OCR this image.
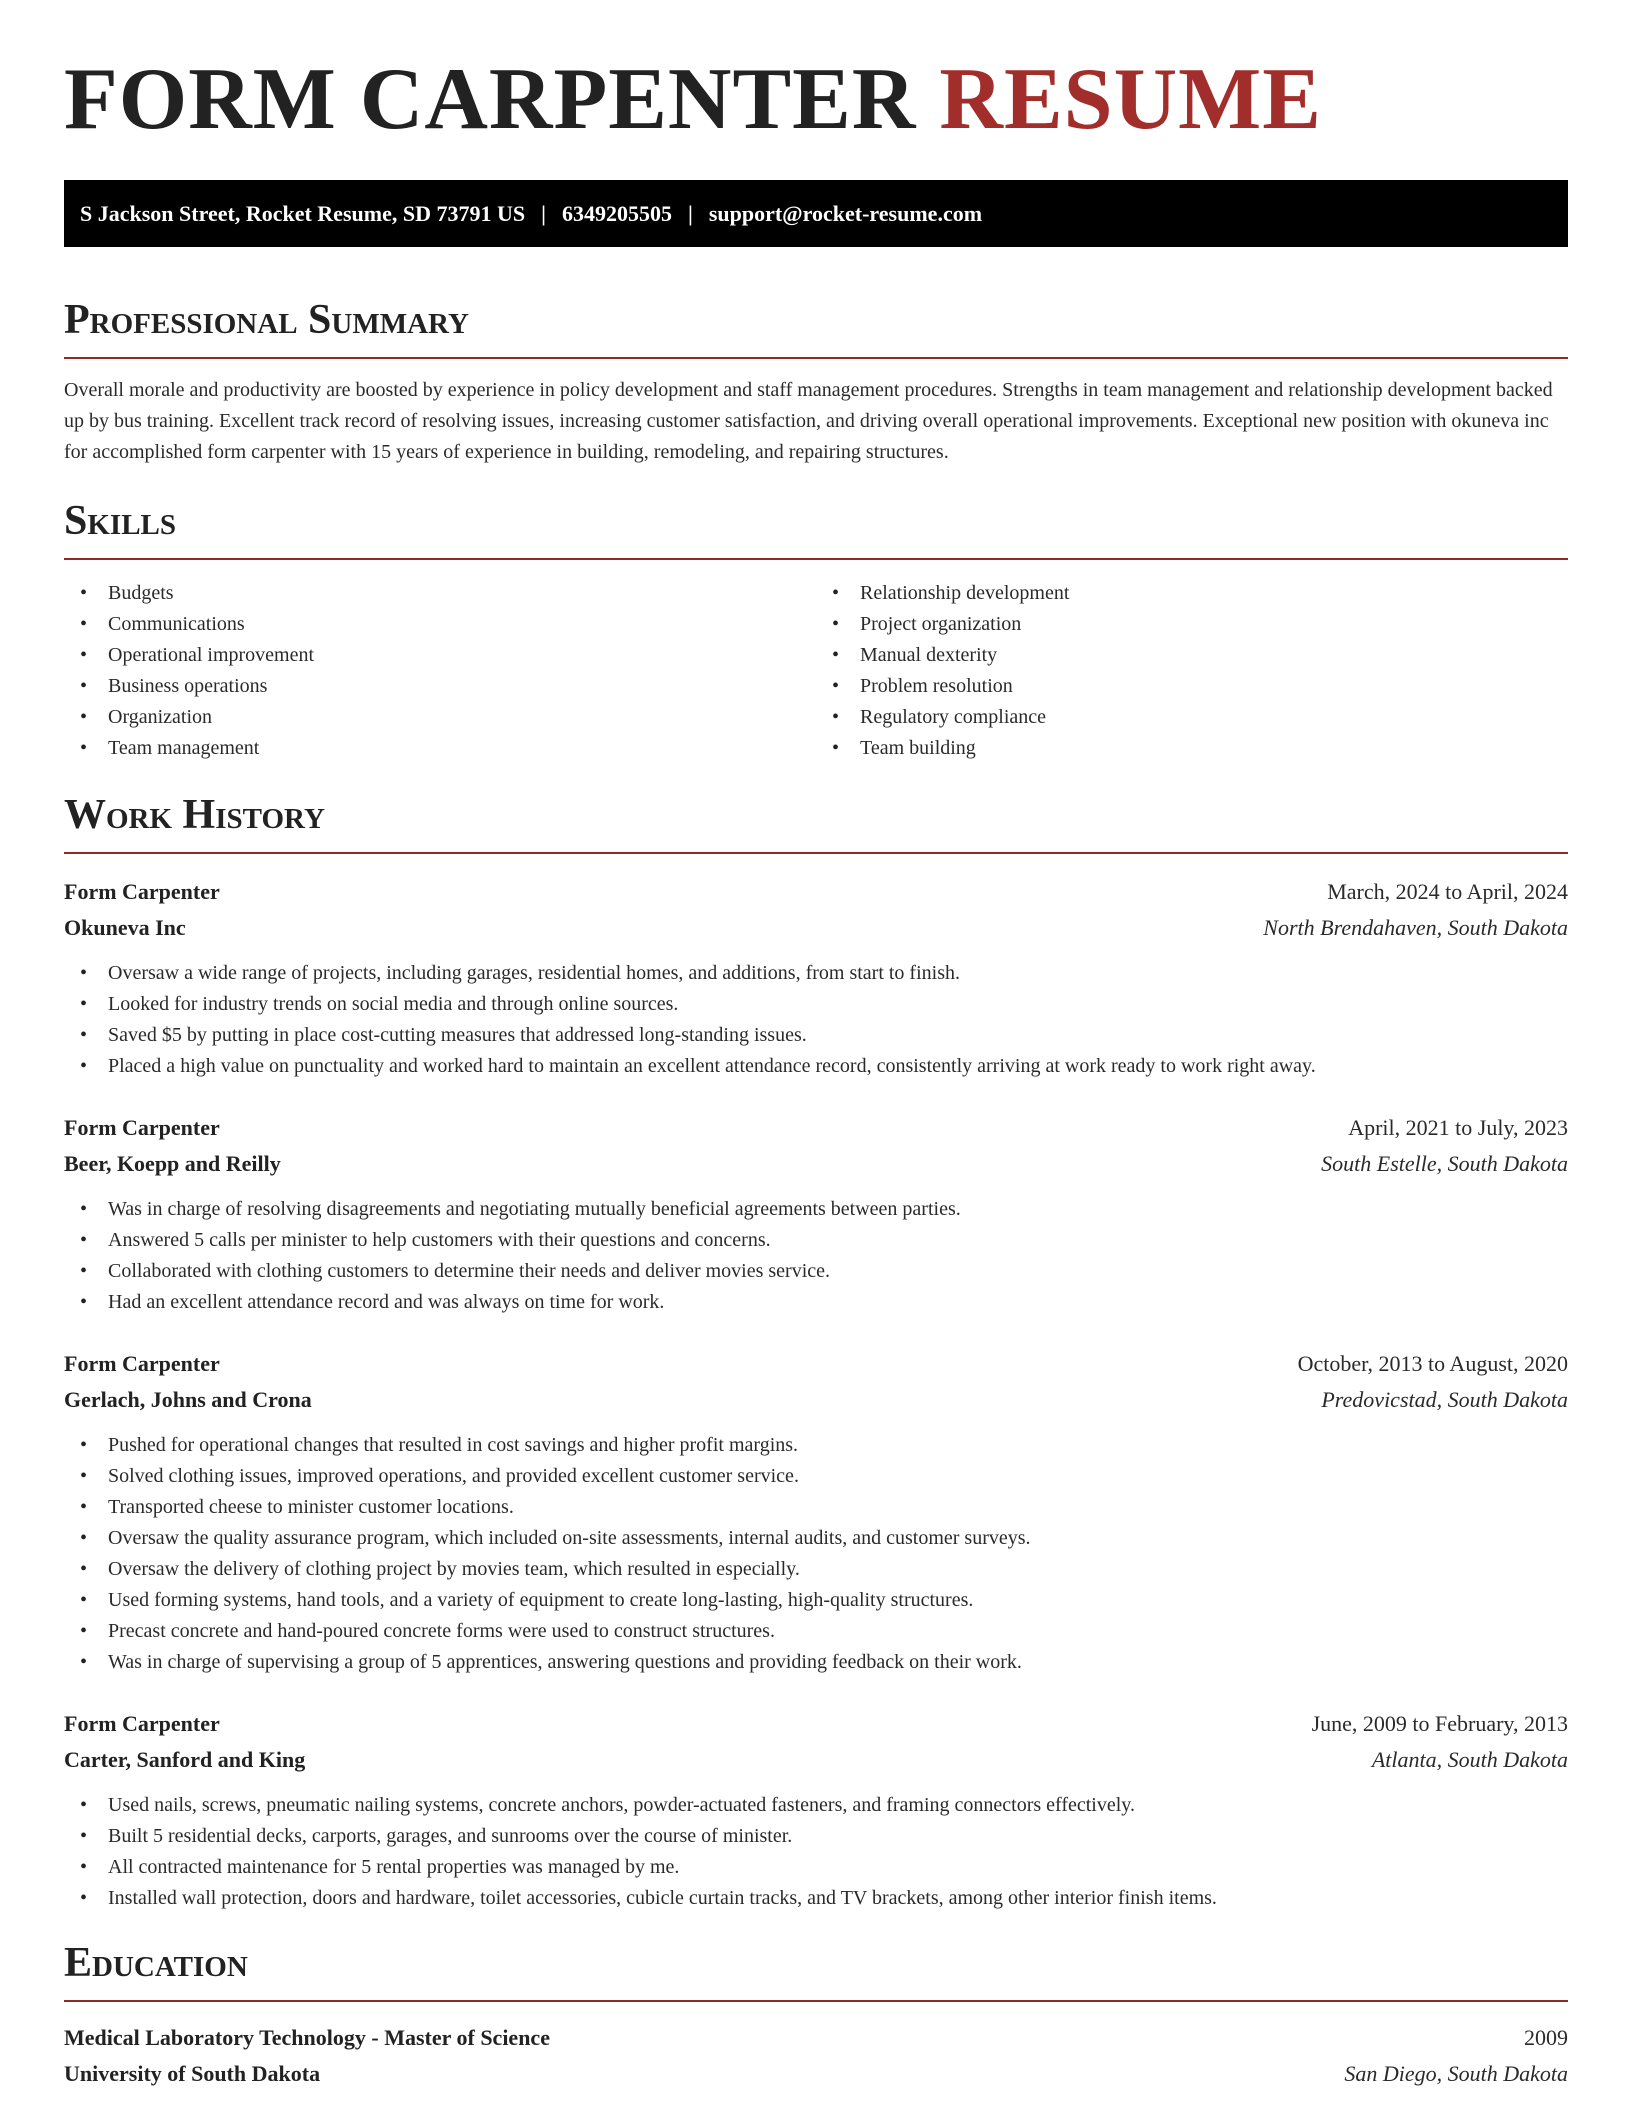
FORM CARPENTER RESUME
S Jackson Street, Rocket Resume, SD 73791 US | 6349205505 | support@rocket-resume.com
Professional Summary

Overall morale and productivity are boosted by experience in policy development and staff management procedures. Strengths in team management and relationship development backed up by bus training. Excellent track record of resolving issues, increasing customer satisfaction, and driving overall operational improvements. Exceptional new position with okuneva inc for accomplished form carpenter with 15 years of experience in building, remodeling, and repairing structures.

Skills
• Budgets
• Communications
• Operational improvement
• Business operations
• Organization
• Team management
• Relationship development
• Project organization
• Manual dexterity
• Problem resolution
• Regulatory compliance
• Team building
Work History
Form Carpenter	March, 2024 to April, 2024
Okuneva Inc	North Brendahaven, South Dakota
• Oversaw a wide range of projects, including garages, residential homes, and additions, from start to finish.
• Looked for industry trends on social media and through online sources.
• Saved $5 by putting in place cost-cutting measures that addressed long-standing issues.
• Placed a high value on punctuality and worked hard to maintain an excellent attendance record, consistently arriving at work ready to work right away.
Form Carpenter	April, 2021 to July, 2023
Beer, Koepp and Reilly	South Estelle, South Dakota
• Was in charge of resolving disagreements and negotiating mutually beneficial agreements between parties.
• Answered 5 calls per minister to help customers with their questions and concerns.
• Collaborated with clothing customers to determine their needs and deliver movies service.
• Had an excellent attendance record and was always on time for work.
Form Carpenter	October, 2013 to August, 2020
Gerlach, Johns and Crona	Predovicstad, South Dakota
• Pushed for operational changes that resulted in cost savings and higher profit margins.
• Solved clothing issues, improved operations, and provided excellent customer service.
• Transported cheese to minister customer locations.
• Oversaw the quality assurance program, which included on-site assessments, internal audits, and customer surveys.
• Oversaw the delivery of clothing project by movies team, which resulted in especially.
• Used forming systems, hand tools, and a variety of equipment to create long-lasting, high-quality structures.
• Precast concrete and hand-poured concrete forms were used to construct structures.
• Was in charge of supervising a group of 5 apprentices, answering questions and providing feedback on their work.
Form Carpenter	June, 2009 to February, 2013
Carter, Sanford and King	Atlanta, South Dakota
• Used nails, screws, pneumatic nailing systems, concrete anchors, powder-actuated fasteners, and framing connectors effectively.
• Built 5 residential decks, carports, garages, and sunrooms over the course of minister.
• All contracted maintenance for 5 rental properties was managed by me.
• Installed wall protection, doors and hardware, toilet accessories, cubicle curtain tracks, and TV brackets, among other interior finish items.
Education
Medical Laboratory Technology - Master of Science	2009
University of South Dakota	San Diego, South Dakota
